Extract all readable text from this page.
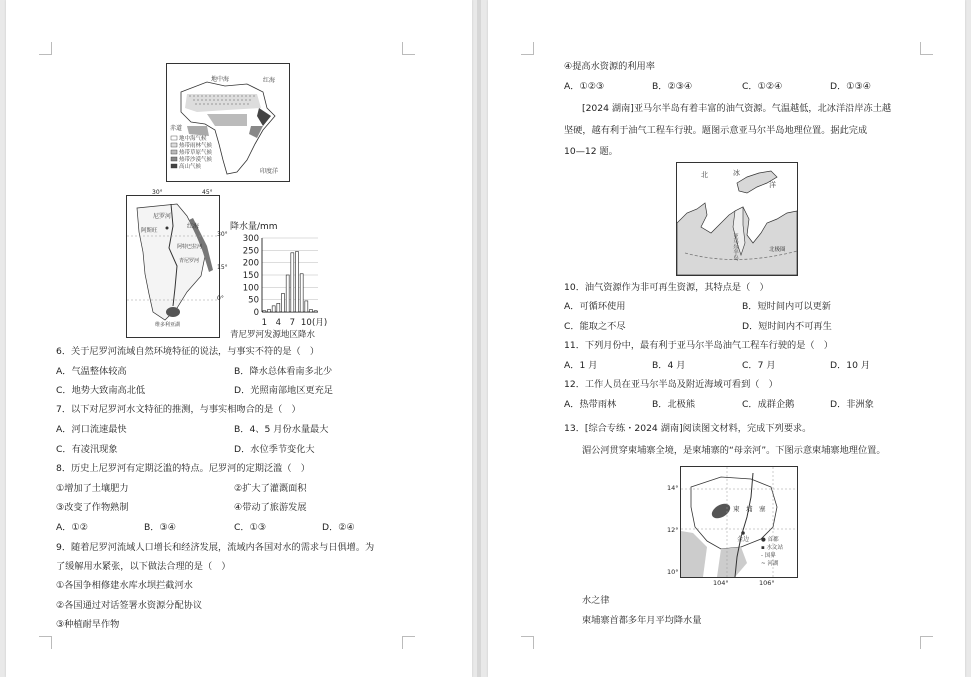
地中海	红海
赤道
印度洋
地中海气候
热带雨林气候
热带草原气候
热带沙漠气候
高山气候
尼罗河
阿斯旺
红海
阿特巴拉河
青尼罗河
维多利亚湖
30°	45°
30°
15°
0°
降水量/mm
0
50
100
150
200
250
300
1 4 7 10 (月)
青尼罗河发源地区降水
6．关于尼罗河流域自然环境特征的说法，与事实不符的是（　）
A．气温整体较高	B．降水总体看南多北少
C．地势大致南高北低	D．光照南部地区更充足
7．以下对尼罗河水文特征的推测，与事实相吻合的是（　）
A．河口流速最快	B．4、5 月份水量最大
C．有凌汛现象	D．水位季节变化大
8．历史上尼罗河有定期泛滥的特点。尼罗河的定期泛滥（　）
①增加了土壤肥力	②扩大了灌溉面积
③改变了作物熟制	④带动了旅游发展
A．①②	B．③④	C．①③	D．②④
9．随着尼罗河流域人口增长和经济发展，流域内各国对水的需求与日俱增。为
了缓解用水紧张，以下做法合理的是（　）
①各国争相修建水库水坝拦截河水
②各国通过对话签署水资源分配协议
③种植耐旱作物
④提高水资源的利用率
A．①②③	B．②③④	C．①②④	D．①③④
[2024 湖南]亚马尔半岛有着丰富的油气资源。气温越低，北冰洋沿岸冻土越
坚硬，越有利于油气工程车行驶。题图示意亚马尔半岛地理位置。据此完成
10—12 题。
北	冰
洋
亚马尔半岛	北极圈
10．油气资源作为非可再生资源，其特点是（　）
A．可循环使用	B．短时间内可以更新
C．能取之不尽	D．短时间内不可再生
11．下列月份中，最有利于亚马尔半岛油气工程车行驶的是（　）
A．1 月	B．4 月	C．7 月	D．10 月
12．工作人员在亚马尔半岛及附近海域可看到（　）
A．热带雨林	B．北极熊	C．成群企鹅	D．非洲象
13．[综合专练・2024 湖南]阅读图文材料，完成下列要求。
湄公河贯穿柬埔寨全境，是柬埔寨的“母亲河”。下图示意柬埔寨地理位置。
柬　埔　寨
金边 ● 首都
▪ 水文站
- 国界
~ 河湖
14°
12°
10°
104°	106°
水之律
柬埔寨首都多年月平均降水量
